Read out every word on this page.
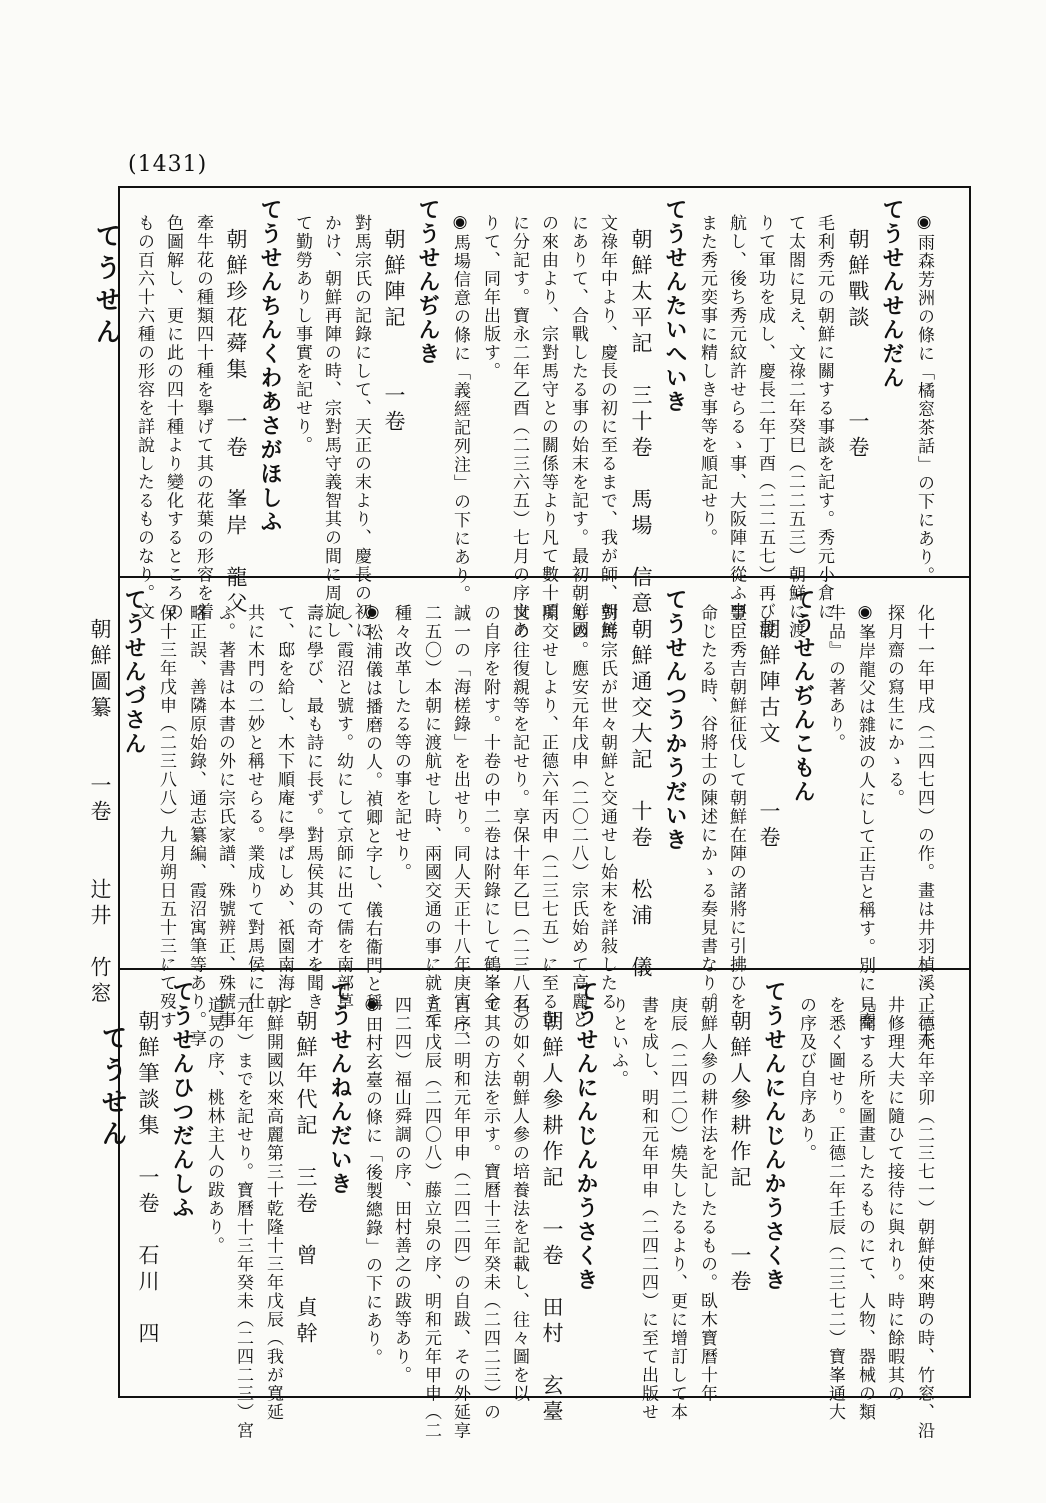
(1431)
てうせん
てうせん
◉雨森芳洲の條に「橘窓茶話」の下にあり。
てうせんせんだん
朝鮮戰談　　　一卷
毛利秀元の朝鮮に關する事談を記す。秀元小倉に
て太閤に見え、文祿二年癸巳（二二五三）朝鮮に渡
りて軍功を成し、慶長二年丁酉（二二五七）再び渡
航し、後ち秀元紋許せらるゝ事、大阪陣に從ふ事、
また秀元奕事に精しき事等を順記せり。
てうせんたいへいき
朝鮮太平記　三十卷　馬場　信意
文祿年中より、慶長の初に至るまで、我が師、朝鮮
にありて、合戰したる事の始末を記す。最初朝鮮國
の來由より、宗對馬守との關係等より凡て數十項
に分記す。寶永二年乙酉（二三六五）七月の序文あ
りて、同年出版す。
◉馬場信意の條に「義經記列注」の下にあり。
てうせんぢんき
朝鮮陣記　　一卷
對馬宗氏の記錄にして、天正の末より、慶長の初に
かけ、朝鮮再陣の時、宗對馬守義智其の間に周旋し
て勤勞ありし事實を記せり。
てうせんちんくわあさがほしふ
朝鮮珍花蕣集　一卷　峯岸　龍父
牽牛花の種類四十種を擧げて其の花葉の形容を着
色圖解し、更に此の四十種より變化するところの
もの百六十六種の形容を詳說したるものなり。文
化十一年甲戌（二四七四）の作。畫は井羽楨溪、三木
探月齋の寫生にかゝる。
◉峯岸龍父は雜波の人にして正吉と稱す。別に『牽
牛品』の著あり。
てうせんぢんこもん
朝鮮陣古文　　一卷
豐臣秀吉朝鮮征伐して朝鮮在陣の諸將に引拂ひを
命じたる時、谷將士の陳述にかゝる奏見書なり。
てうせんつうかうだいき
朝鮮通交大記　十卷　松浦　儀
對馬宗氏が世々朝鮮と交通せし始末を詳敍したる
もの。應安元年戊申（二〇二八）宗氏始めて高麗と
開交せしより、正德六年丙申（二三七五）に至る世
世の往復親等を記せり。享保十年乙巳（二三八五）
の自序を附す。十卷の中二卷は附錄にして鶴峯金
誠一の「海槎錄」を出せり。同人天正十八年庚寅（二
二五〇）本朝に渡航せし時、兩國交通の事に就きて
種々改革したる等の事を記せり。
◉松浦儀は播磨の人。禎卿と字し、儀右衞門と稱
し、霞沼と號す。幼にして京師に出て儒を南部草
壽に學び、最も詩に長ず。對馬侯其の奇才を聞き
て、邸を給し、木下順庵に學ばしめ、祇園南海と
共に木門の二妙と稱せらる。業成りて對馬侯に仕
ふ。著書は本書の外に宗氏家譜、殊號辨正、殊號事
略正誤、善隣原始錄、通志纂編、霞沼寓筆等あり。享
保十三年戊申（二三八八）九月朔日五十三にて歿す
てうせんづさん
朝鮮圖纂　　一卷　　辻井　竹窓
正德元年辛卯（二三七一）朝鮮使來聘の時、竹窓、沿
井修理大夫に隨ひて接待に與れり。時に餘暇其の
見聞する所を圖畫したるものにて、人物、器械の類
を悉く圖せり。正德二年壬辰（二三七二）寶峯通大
の序及び自序あり。
てうせんにんじんかうさくき
朝鮮人參耕作記　　一卷
朝鮮人參の耕作法を記したるもの。臥木寶曆十年
庚辰（二四二〇）燒失したるより、更に增訂して本
書を成し、明和元年甲申（二四二四）に至て出版せ
りといふ。
てうせんにんじんかうさくき
朝鮮人參耕作記　一卷　田村　玄臺
名の如く朝鮮人參の培養法を記載し、往々圖を以
て其の方法を示す。寶曆十三年癸未（二四二三）の
自序、明和元年甲申（二四二四）の自跋、その外延享
五年戊辰（二四〇八）藤立泉の序、明和元年甲申（二
四二四）福山舜調の序、田村善之の跋等あり。
◉田村玄臺の條に「後製總錄」の下にあり。
てうせんねんだいき
朝鮮年代記　三卷　曾　貞幹
朝鮮開國以來高麗第三十乾隆十三年戊辰（我が寬延
元年）までを記せり。寶曆十三年癸未（二四二三）宮
道晃の序、桃林主人の跋あり。
てうせんひつだんしふ
朝鮮筆談集　一卷　石川　四
